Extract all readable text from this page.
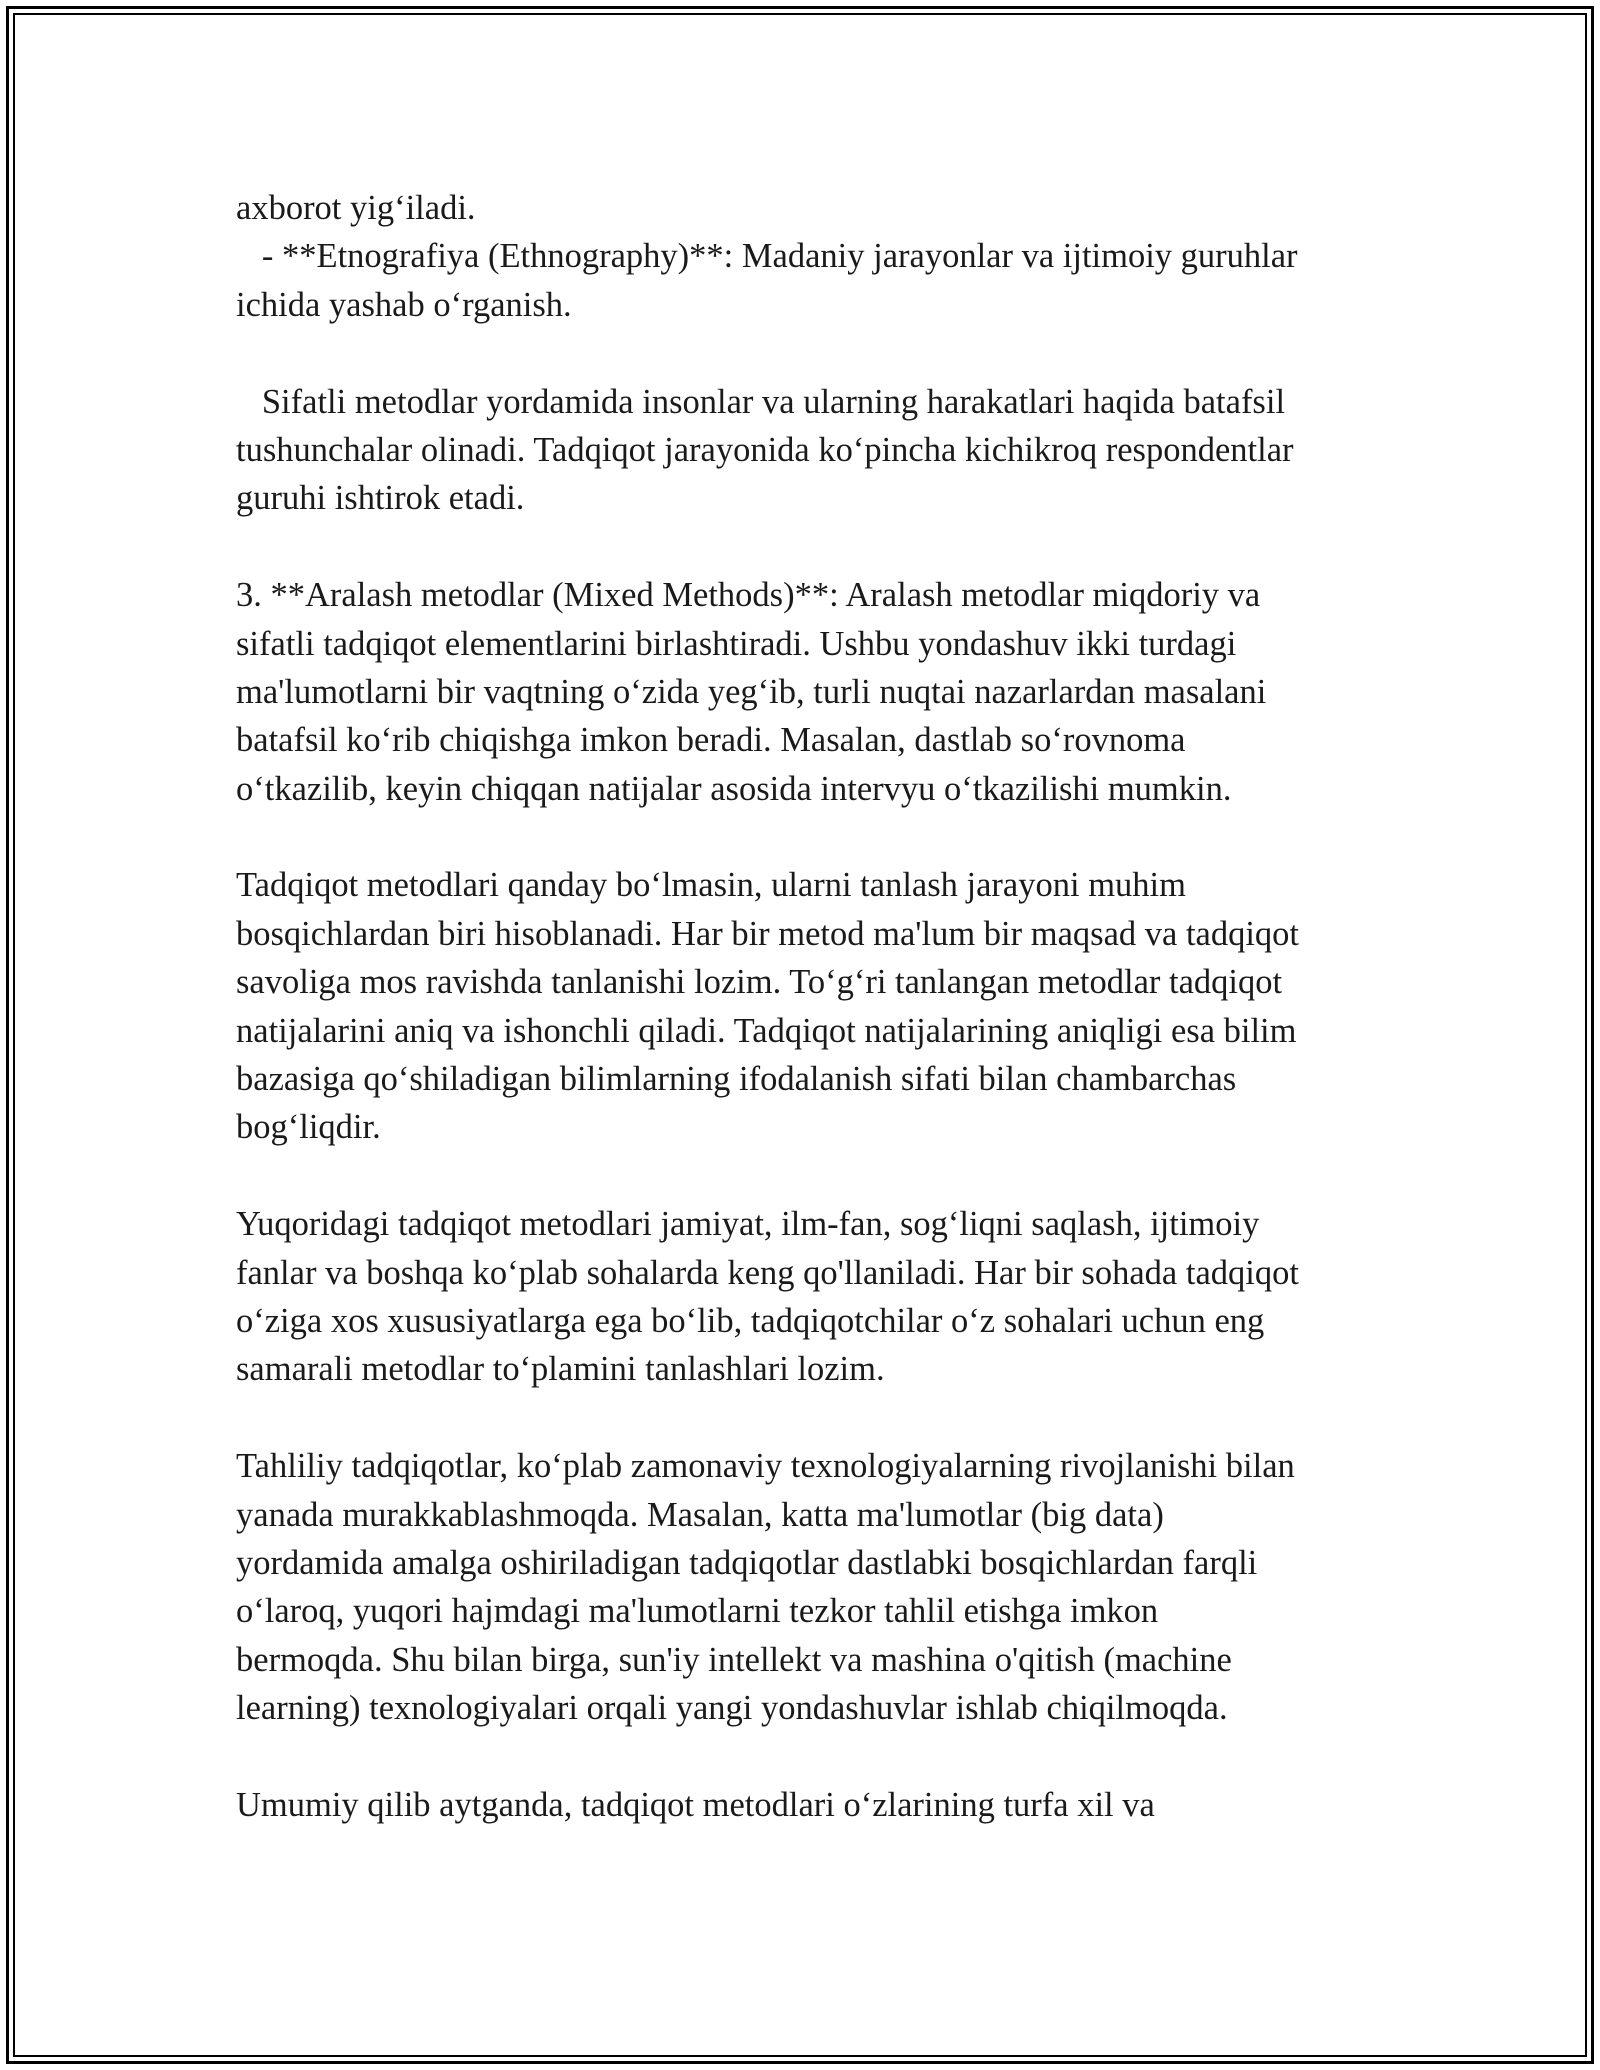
axborot yig‘iladi.
- **Etnografiya (Ethnography)**: Madaniy jarayonlar va ijtimoiy guruhlar
ichida yashab o‘rganish.
Sifatli metodlar yordamida insonlar va ularning harakatlari haqida batafsil
tushunchalar olinadi. Tadqiqot jarayonida ko‘pincha kichikroq respondentlar
guruhi ishtirok etadi.
3. **Aralash metodlar (Mixed Methods)**: Aralash metodlar miqdoriy va
sifatli tadqiqot elementlarini birlashtiradi. Ushbu yondashuv ikki turdagi
ma'lumotlarni bir vaqtning o‘zida yeg‘ib, turli nuqtai nazarlardan masalani
batafsil ko‘rib chiqishga imkon beradi. Masalan, dastlab so‘rovnoma
o‘tkazilib, keyin chiqqan natijalar asosida intervyu o‘tkazilishi mumkin.
Tadqiqot metodlari qanday bo‘lmasin, ularni tanlash jarayoni muhim
bosqichlardan biri hisoblanadi. Har bir metod ma'lum bir maqsad va tadqiqot
savoliga mos ravishda tanlanishi lozim. To‘g‘ri tanlangan metodlar tadqiqot
natijalarini aniq va ishonchli qiladi. Tadqiqot natijalarining aniqligi esa bilim
bazasiga qo‘shiladigan bilimlarning ifodalanish sifati bilan chambarchas
bog‘liqdir.
Yuqoridagi tadqiqot metodlari jamiyat, ilm-fan, sog‘liqni saqlash, ijtimoiy
fanlar va boshqa ko‘plab sohalarda keng qo'llaniladi. Har bir sohada tadqiqot
o‘ziga xos xususiyatlarga ega bo‘lib, tadqiqotchilar o‘z sohalari uchun eng
samarali metodlar to‘plamini tanlashlari lozim.
Tahliliy tadqiqotlar, ko‘plab zamonaviy texnologiyalarning rivojlanishi bilan
yanada murakkablashmoqda. Masalan, katta ma'lumotlar (big data)
yordamida amalga oshiriladigan tadqiqotlar dastlabki bosqichlardan farqli
o‘laroq, yuqori hajmdagi ma'lumotlarni tezkor tahlil etishga imkon
bermoqda. Shu bilan birga, sun'iy intellekt va mashina o'qitish (machine
learning) texnologiyalari orqali yangi yondashuvlar ishlab chiqilmoqda.
Umumiy qilib aytganda, tadqiqot metodlari o‘zlarining turfa xil va
